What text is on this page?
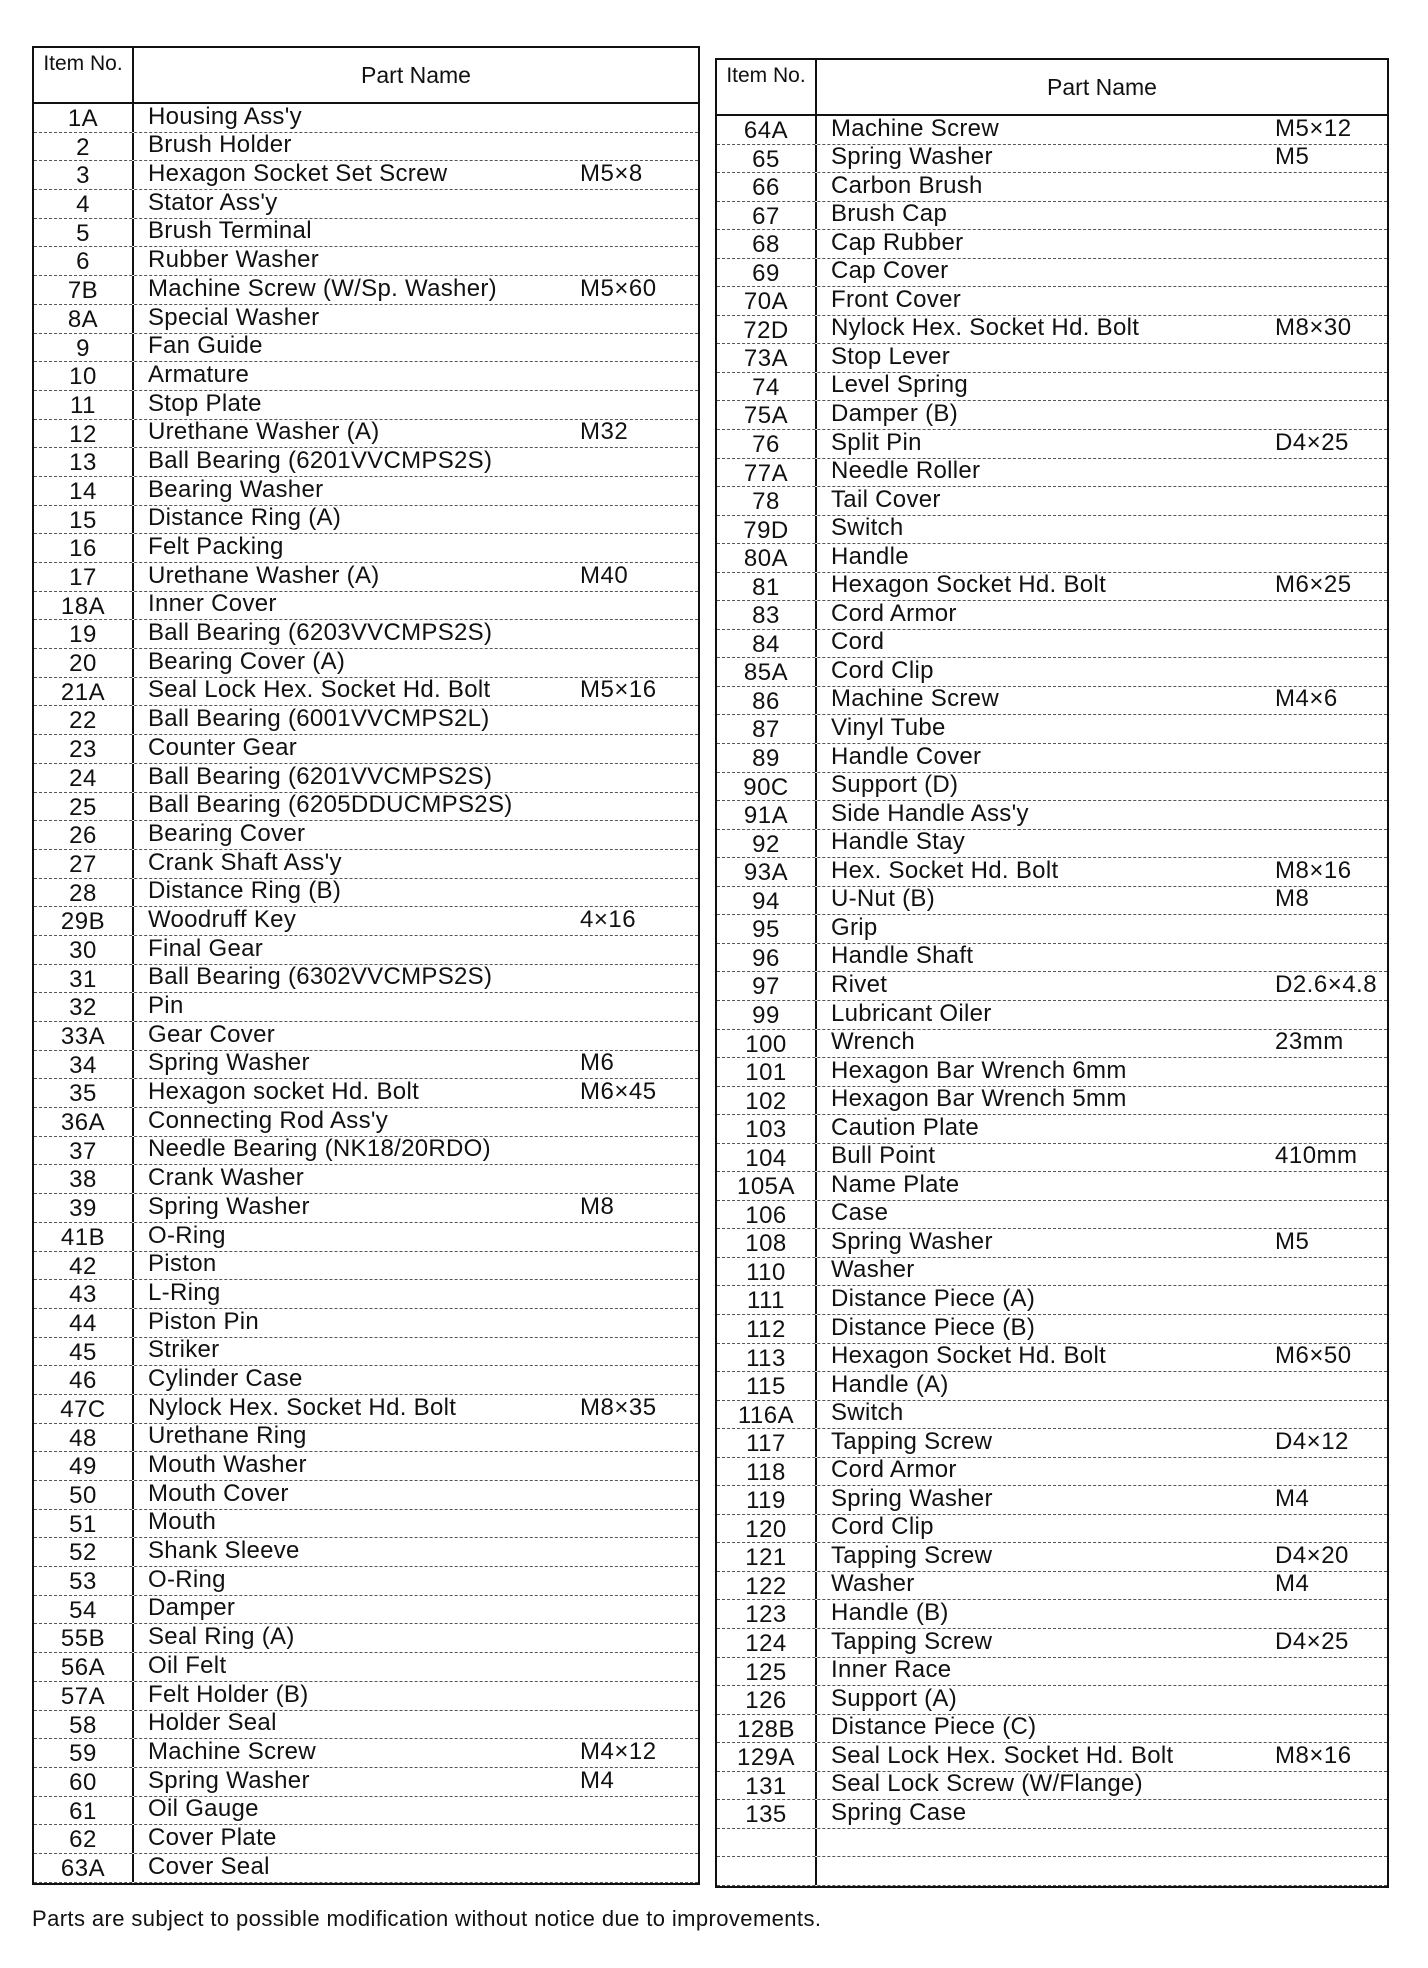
Item No.	Part Name
1A	Housing Ass'y
2	Brush Holder
3	Hexagon Socket Set Screw	M5×8
4	Stator Ass'y
5	Brush Terminal
6	Rubber Washer
7B	Machine Screw (W/Sp. Washer)	M5×60
8A	Special Washer
9	Fan Guide
10	Armature
11	Stop Plate
12	Urethane Washer (A)	M32
13	Ball Bearing (6201VVCMPS2S)
14	Bearing Washer
15	Distance Ring (A)
16	Felt Packing
17	Urethane Washer (A)	M40
18A	Inner Cover
19	Ball Bearing (6203VVCMPS2S)
20	Bearing Cover (A)
21A	Seal Lock Hex. Socket Hd. Bolt	M5×16
22	Ball Bearing (6001VVCMPS2L)
23	Counter Gear
24	Ball Bearing (6201VVCMPS2S)
25	Ball Bearing (6205DDUCMPS2S)
26	Bearing Cover
27	Crank Shaft Ass'y
28	Distance Ring (B)
29B	Woodruff Key	4×16
30	Final Gear
31	Ball Bearing (6302VVCMPS2S)
32	Pin
33A	Gear Cover
34	Spring Washer	M6
35	Hexagon socket Hd. Bolt	M6×45
36A	Connecting Rod Ass'y
37	Needle Bearing (NK18/20RDO)
38	Crank Washer
39	Spring Washer	M8
41B	O-Ring
42	Piston
43	L-Ring
44	Piston Pin
45	Striker
46	Cylinder Case
47C	Nylock Hex. Socket Hd. Bolt	M8×35
48	Urethane Ring
49	Mouth Washer
50	Mouth Cover
51	Mouth
52	Shank Sleeve
53	O-Ring
54	Damper
55B	Seal Ring (A)
56A	Oil Felt
57A	Felt Holder (B)
58	Holder Seal
59	Machine Screw	M4×12
60	Spring Washer	M4
61	Oil Gauge
62	Cover Plate
63A	Cover Seal
Item No.	Part Name
64A	Machine Screw	M5×12
65	Spring Washer	M5
66	Carbon Brush
67	Brush Cap
68	Cap Rubber
69	Cap Cover
70A	Front Cover
72D	Nylock Hex. Socket Hd. Bolt	M8×30
73A	Stop Lever
74	Level Spring
75A	Damper (B)
76	Split Pin	D4×25
77A	Needle Roller
78	Tail Cover
79D	Switch
80A	Handle
81	Hexagon Socket Hd. Bolt	M6×25
83	Cord Armor
84	Cord
85A	Cord Clip
86	Machine Screw	M4×6
87	Vinyl Tube
89	Handle Cover
90C	Support (D)
91A	Side Handle Ass'y
92	Handle Stay
93A	Hex. Socket Hd. Bolt	M8×16
94	U-Nut (B)	M8
95	Grip
96	Handle Shaft
97	Rivet	D2.6×4.8
99	Lubricant Oiler
100	Wrench	23mm
101	Hexagon Bar Wrench 6mm
102	Hexagon Bar Wrench 5mm
103	Caution Plate
104	Bull Point	410mm
105A	Name Plate
106	Case
108	Spring Washer	M5
110	Washer
111	Distance Piece (A)
112	Distance Piece (B)
113	Hexagon Socket Hd. Bolt	M6×50
115	Handle (A)
116A	Switch
117	Tapping Screw	D4×12
118	Cord Armor
119	Spring Washer	M4
120	Cord Clip
121	Tapping Screw	D4×20
122	Washer	M4
123	Handle (B)
124	Tapping Screw	D4×25
125	Inner Race
126	Support (A)
128B	Distance Piece (C)
129A	Seal Lock Hex. Socket Hd. Bolt	M8×16
131	Seal Lock Screw (W/Flange)
135	Spring Case
Parts are subject to possible modification without notice due to improvements.
